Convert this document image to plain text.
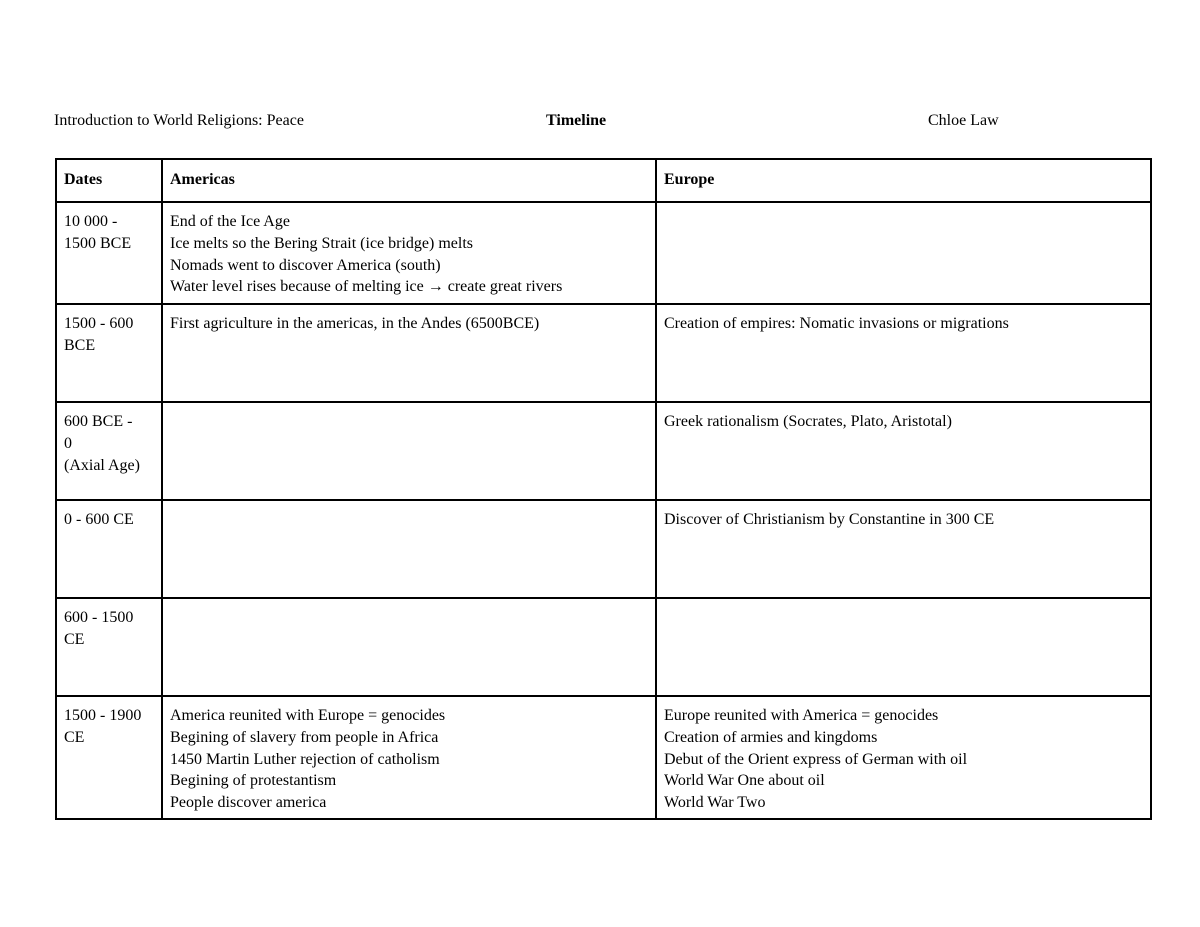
Introduction to World Religions: Peace	Timeline	Chloe Law
Dates	Americas	Europe

10 000 -
1500 BCE	End of the Ice Age
Ice melts so the Bering Strait (ice bridge) melts
Nomads went to discover America (south)
Water level rises because of melting ice → create great rivers	

1500 - 600
BCE	First agriculture in the americas, in the Andes (6500BCE)	Creation of empires: Nomatic invasions or migrations

600 BCE -
0
(Axial Age)		Greek rationalism (Socrates, Plato, Aristotal)

0 - 600 CE		Discover of Christianism by Constantine in 300 CE

600 - 1500
CE		

1500 - 1900
CE	America reunited with Europe = genocides
Begining of slavery from people in Africa
1450 Martin Luther rejection of catholism
Begining of protestantism
People discover america	Europe reunited with America = genocides
Creation of armies and kingdoms
Debut of the Orient express of German with oil
World War One about oil
World War Two
